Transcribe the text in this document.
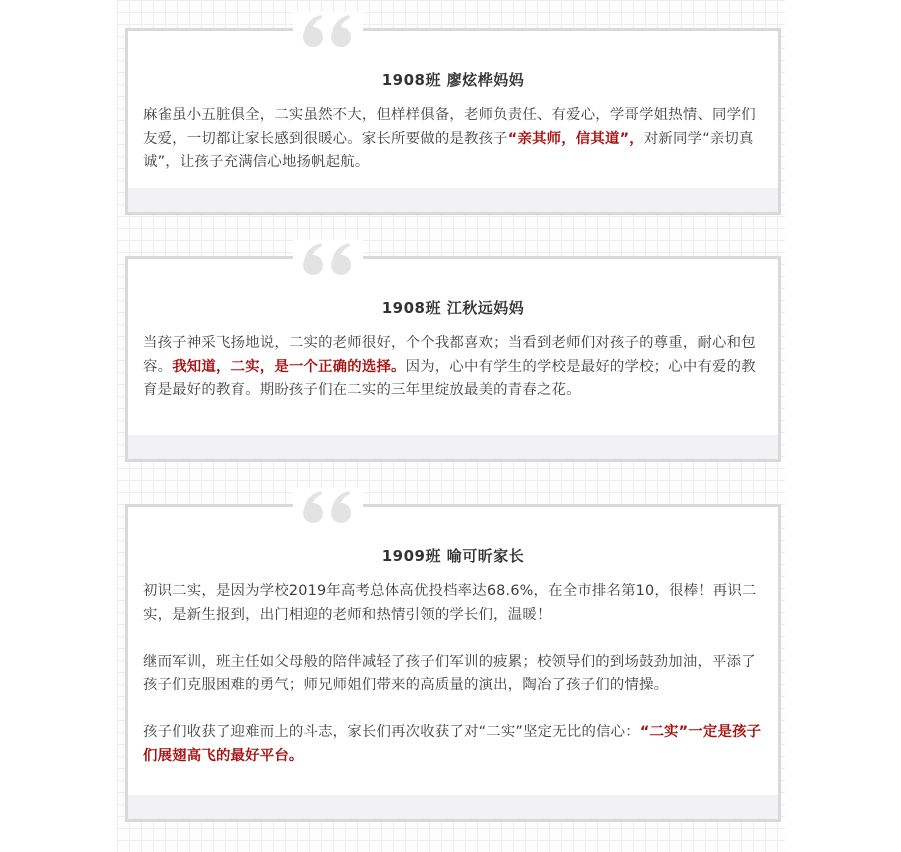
1908班 廖炫桦妈妈

麻雀虽小五脏俱全，二实虽然不大，但样样俱备，老师负责任、有爱心，学哥学姐热情、同学们友爱，一切都让家长感到很暖心。家长所要做的是教孩子“亲其师，信其道”，对新同学“亲切真诚”，让孩子充满信心地扬帆起航。

1908班 江秋远妈妈

当孩子神采飞扬地说，二实的老师很好，个个我都喜欢；当看到老师们对孩子的尊重，耐心和包容。我知道，二实，是一个正确的选择。因为，心中有学生的学校是最好的学校；心中有爱的教育是最好的教育。期盼孩子们在二实的三年里绽放最美的青春之花。

1909班 喻可昕家长

初识二实，是因为学校2019年高考总体高优投档率达68.6%，在全市排名第10，很棒！再识二实，是新生报到，出门相迎的老师和热情引领的学长们，温暖！

继而军训，班主任如父母般的陪伴减轻了孩子们军训的疲累；校领导们的到场鼓劲加油，平添了孩子们克服困难的勇气；师兄师姐们带来的高质量的演出，陶冶了孩子们的情操。

孩子们收获了迎难而上的斗志，家长们再次收获了对“二实”坚定无比的信心：“二实”一定是孩子们展翅高飞的最好平台。
